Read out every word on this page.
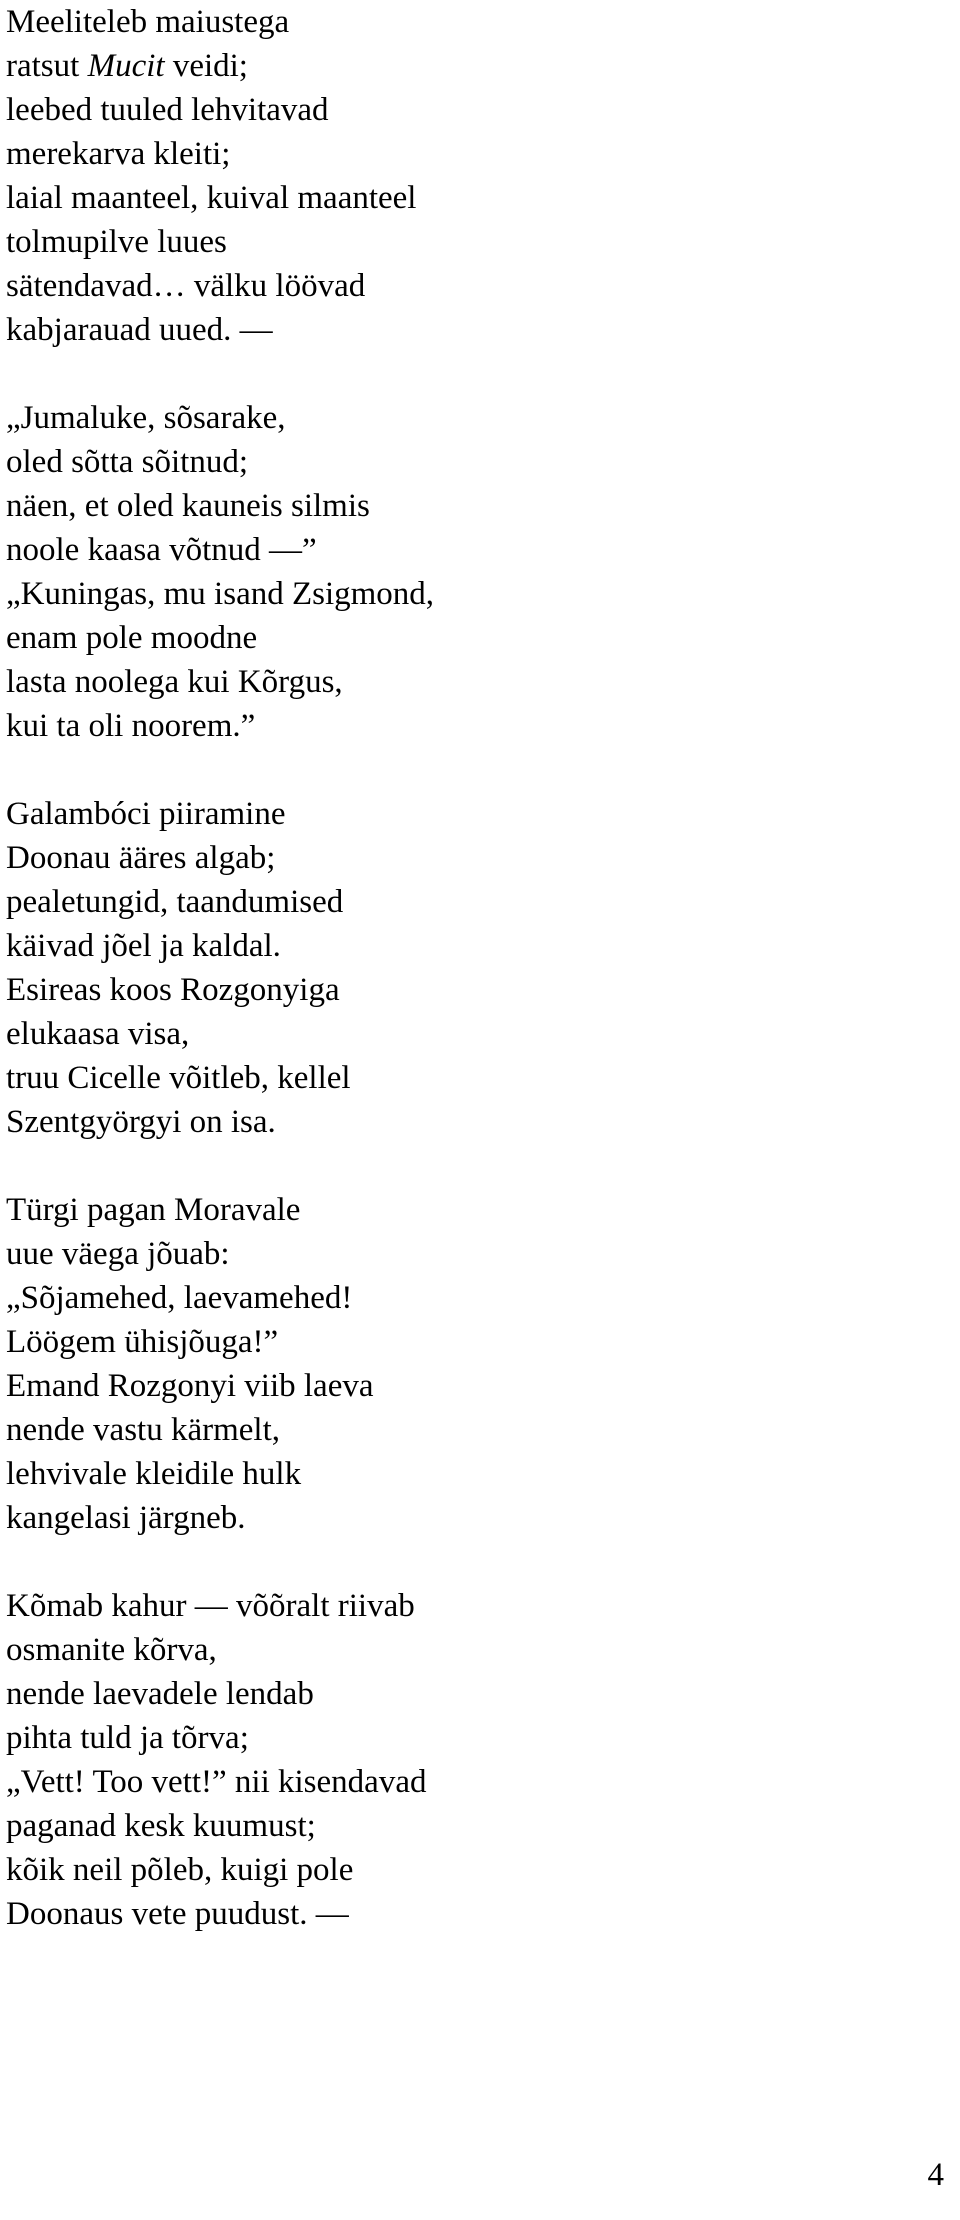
Meeliteleb maiustega
ratsut Mucit veidi;
leebed tuuled lehvitavad
merekarva kleiti;
laial maanteel, kuival maanteel
tolmupilve luues
sätendavad… välku löövad
kabjarauad uued. —
„Jumaluke, sõsarake,
oled sõtta sõitnud;
näen, et oled kauneis silmis
noole kaasa võtnud —”
„Kuningas, mu isand Zsigmond,
enam pole moodne
lasta noolega kui Kõrgus,
kui ta oli noorem.”
Galambóci piiramine
Doonau ääres algab;
pealetungid, taandumised
käivad jõel ja kaldal.
Esireas koos Rozgonyiga
elukaasa visa,
truu Cicelle võitleb, kellel
Szentgyörgyi on isa.
Türgi pagan Moravale
uue väega jõuab:
„Sõjamehed, laevamehed!
Löögem ühisjõuga!”
Emand Rozgonyi viib laeva
nende vastu kärmelt,
lehvivale kleidile hulk
kangelasi järgneb.
Kõmab kahur — võõralt riivab
osmanite kõrva,
nende laevadele lendab
pihta tuld ja tõrva;
„Vett! Too vett!” nii kisendavad
paganad kesk kuumust;
kõik neil põleb, kuigi pole
Doonaus vete puudust. —
4
